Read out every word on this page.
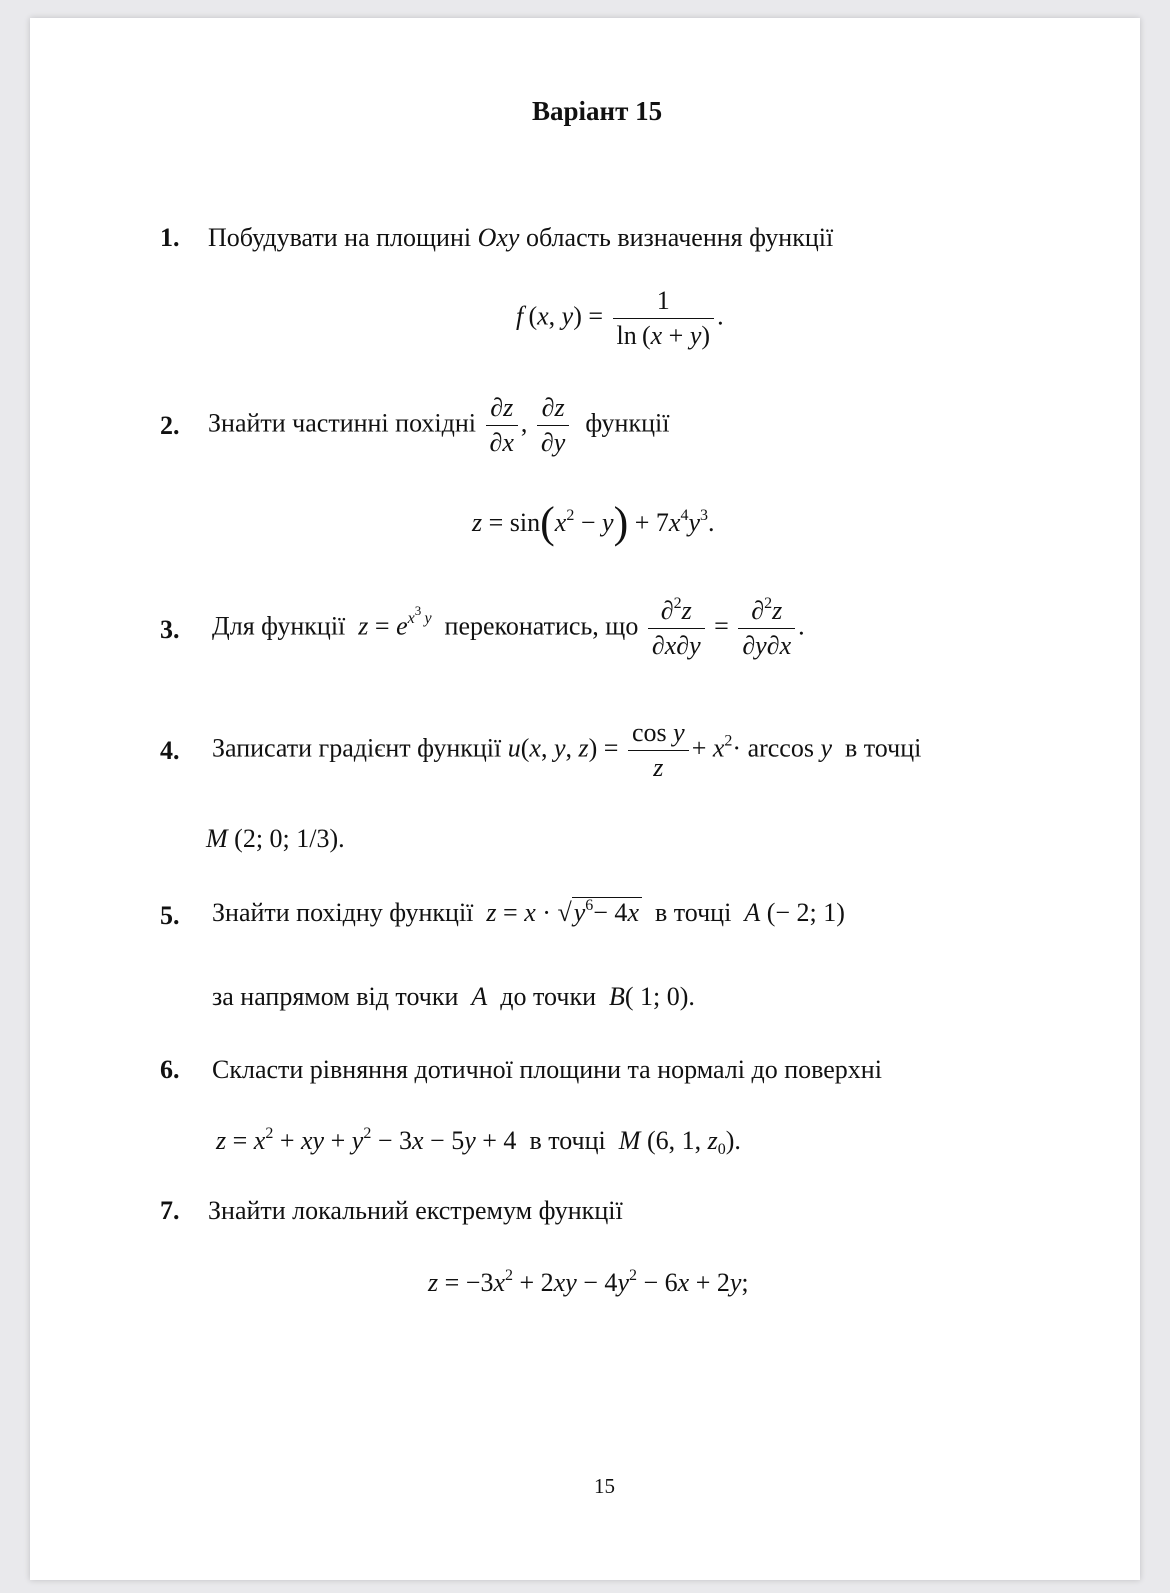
Варіант 15
1. Побудувати на площині Oxy область визначення функції
f (x, $y) = \frac{1}{\ln (x + y)}$ .
2. Знайти частинні похідні $\frac{\partial z}{\partial x}$ , $\frac{\partial z}{\partial y}$ функції
$z = \sin(x^2 - y) + 7x^4y^3$.
3. Для функції $z = e^{x^3 y}$ переконатись, що $\frac{\partial^2z}{\partial x\partial y} = \frac{\partial^2z}{\partial y\partial x}$ .
4. Записати градієнт функції u(x, y, $z) = \frac{\text{cos y}}{z} + x^2\cdot \arccos y$ в точці
M (2; 0; 1/3).
5. Знайти похідну функції $z = x \cdot √y^6- 4x$ в точці A (− 2; 1)
за напрямом від точки A до точки B( 1; 0).
6. Скласти рівняння дотичної площини та нормалі до поверхні
$z = x^2$ + xy + $y^2 - 3x - 5y + 4$  в точці M (6, 1, $z_0$).
7. Знайти локальний екстремум функції
$z = -3x^2 + 2xy - 4y^2 - 6x + 2y$;
15
